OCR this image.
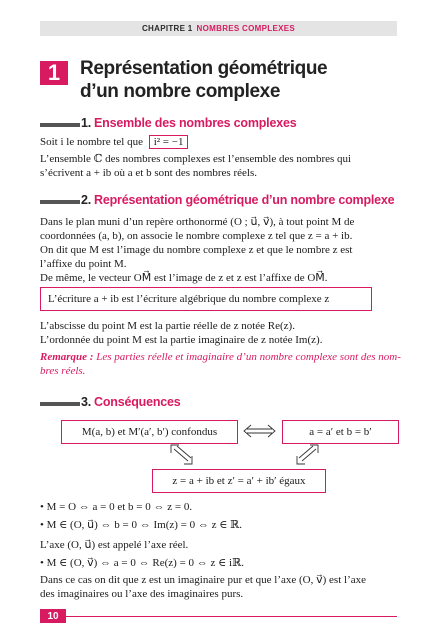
CHAPITRE 1 NOMBRES COMPLEXES
1	Représentation géométrique
d’un nombre complexe
1. Ensemble des nombres complexes
Soit i le nombre tel que i² = −1
L’ensemble ℂ des nombres complexes est l’ensemble des nombres qui
s’écrivent a + ib où a et b sont des nombres réels.
2. Représentation géométrique d’un nombre complexe
Dans le plan muni d’un repère orthonormé (O ; u⃗, v⃗), à tout point M de
coordonnées (a, b), on associe le nombre complexe z tel que z = a + ib.
On dit que M est l’image du nombre complexe z et que le nombre z est
l’affixe du point M.
De même, le vecteur OM⃗ est l’image de z et z est l’affixe de OM⃗.
L’écriture a + ib est l’écriture algébrique du nombre complexe z
L’abscisse du point M est la partie réelle de z notée Re(z).
L’ordonnée du point M est la partie imaginaire de z notée Im(z).
Remarque : Les parties réelle et imaginaire d’un nombre complexe sont des nom-
bres réels.
3. Conséquences
M(a, b) et M′(a′, b′) confondus	a = a′ et b = b′
z = a + ib et z′ = a′ + ib′ égaux
• M = O ⇔ a = 0 et b = 0 ⇔ z = 0.
• M ∈ (O, u⃗) ⇔ b = 0 ⇔ Im(z) = 0 ⇔ z ∈ ℝ.
L’axe (O, u⃗) est appelé l’axe réel.
• M ∈ (O, v⃗) ⇔ a = 0 ⇔ Re(z) = 0 ⇔ z ∈ iℝ.
Dans ce cas on dit que z est un imaginaire pur et que l’axe (O, v⃗) est l’axe
des imaginaires ou l’axe des imaginaires purs.
10
